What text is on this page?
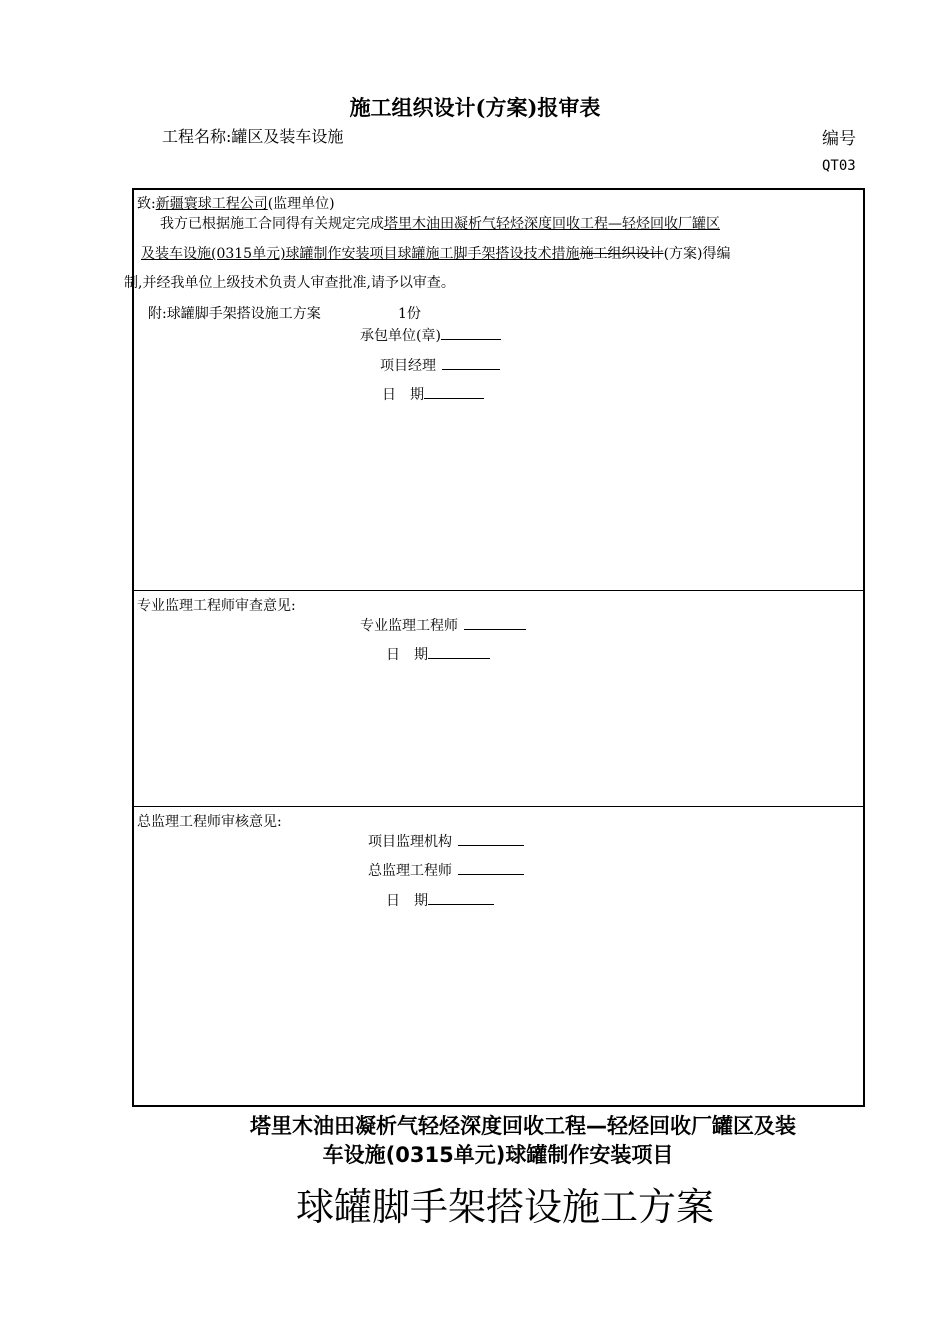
施工组织设计(方案)报审表
工程名称:罐区及装车设施	编号
QT03
致:新疆寰球工程公司(监理单位)
我方已根据施工合同得有关规定完成塔里木油田凝析气轻烃深度回收工程—轻烃回收厂罐区
及装车设施(0315单元)球罐制作安装项目球罐施工脚手架搭设技术措施施工组织设计(方案)得编
制,并经我单位上级技术负责人审查批准,请予以审查。
附:球罐脚手架搭设施工方案	1份
承包单位(章)
项目经理
日　期
专业监理工程师审查意见:
专业监理工程师
日　期
总监理工程师审核意见:
项目监理机构
总监理工程师
日　期
塔里木油田凝析气轻烃深度回收工程—轻烃回收厂罐区及装
车设施(0315单元)球罐制作安装项目
球罐脚手架搭设施工方案
